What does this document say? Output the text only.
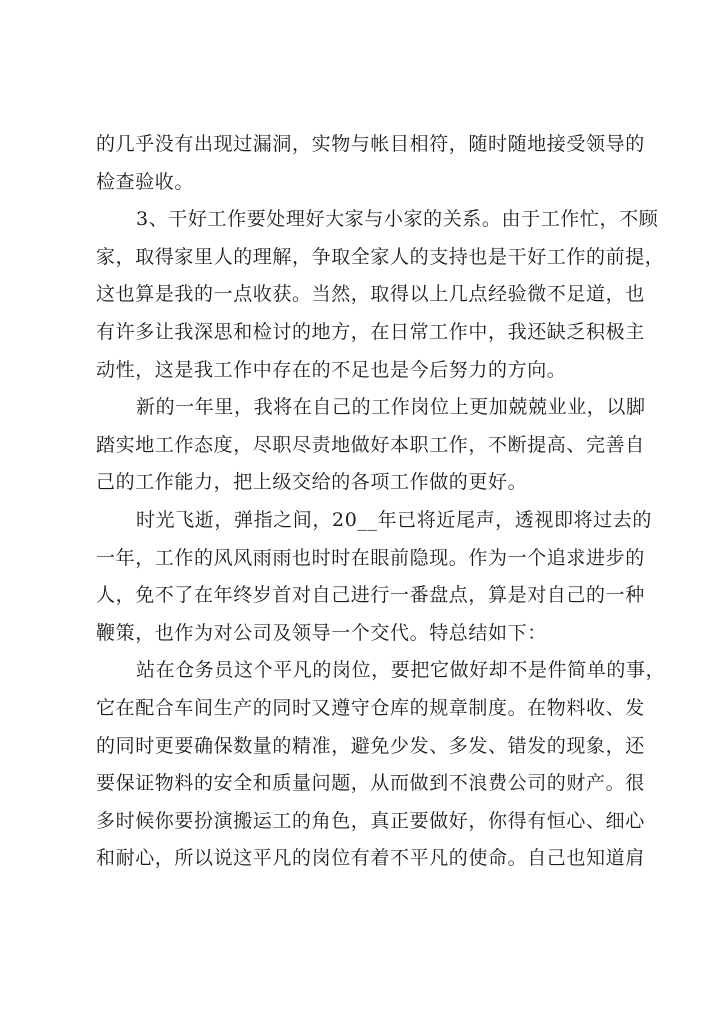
的几乎没有出现过漏洞，实物与帐目相符，随时随地接受领导的
检查验收。
3、干好工作要处理好大家与小家的关系。由于工作忙，不顾
家，取得家里人的理解，争取全家人的支持也是干好工作的前提，
这也算是我的一点收获。当然，取得以上几点经验微不足道，也
有许多让我深思和检讨的地方，在日常工作中，我还缺乏积极主
动性，这是我工作中存在的不足也是今后努力的方向。
新的一年里，我将在自己的工作岗位上更加兢兢业业，以脚
踏实地工作态度，尽职尽责地做好本职工作，不断提高、完善自
己的工作能力，把上级交给的各项工作做的更好。
时光飞逝，弹指之间，20__年已将近尾声，透视即将过去的
一年，工作的风风雨雨也时时在眼前隐现。作为一个追求进步的
人，免不了在年终岁首对自己进行一番盘点，算是对自己的一种
鞭策，也作为对公司及领导一个交代。特总结如下：
站在仓务员这个平凡的岗位，要把它做好却不是件简单的事，
它在配合车间生产的同时又遵守仓库的规章制度。在物料收、发
的同时更要确保数量的精准，避免少发、多发、错发的现象，还
要保证物料的安全和质量问题，从而做到不浪费公司的财产。很
多时候你要扮演搬运工的角色，真正要做好，你得有恒心、细心
和耐心，所以说这平凡的岗位有着不平凡的使命。自己也知道肩
